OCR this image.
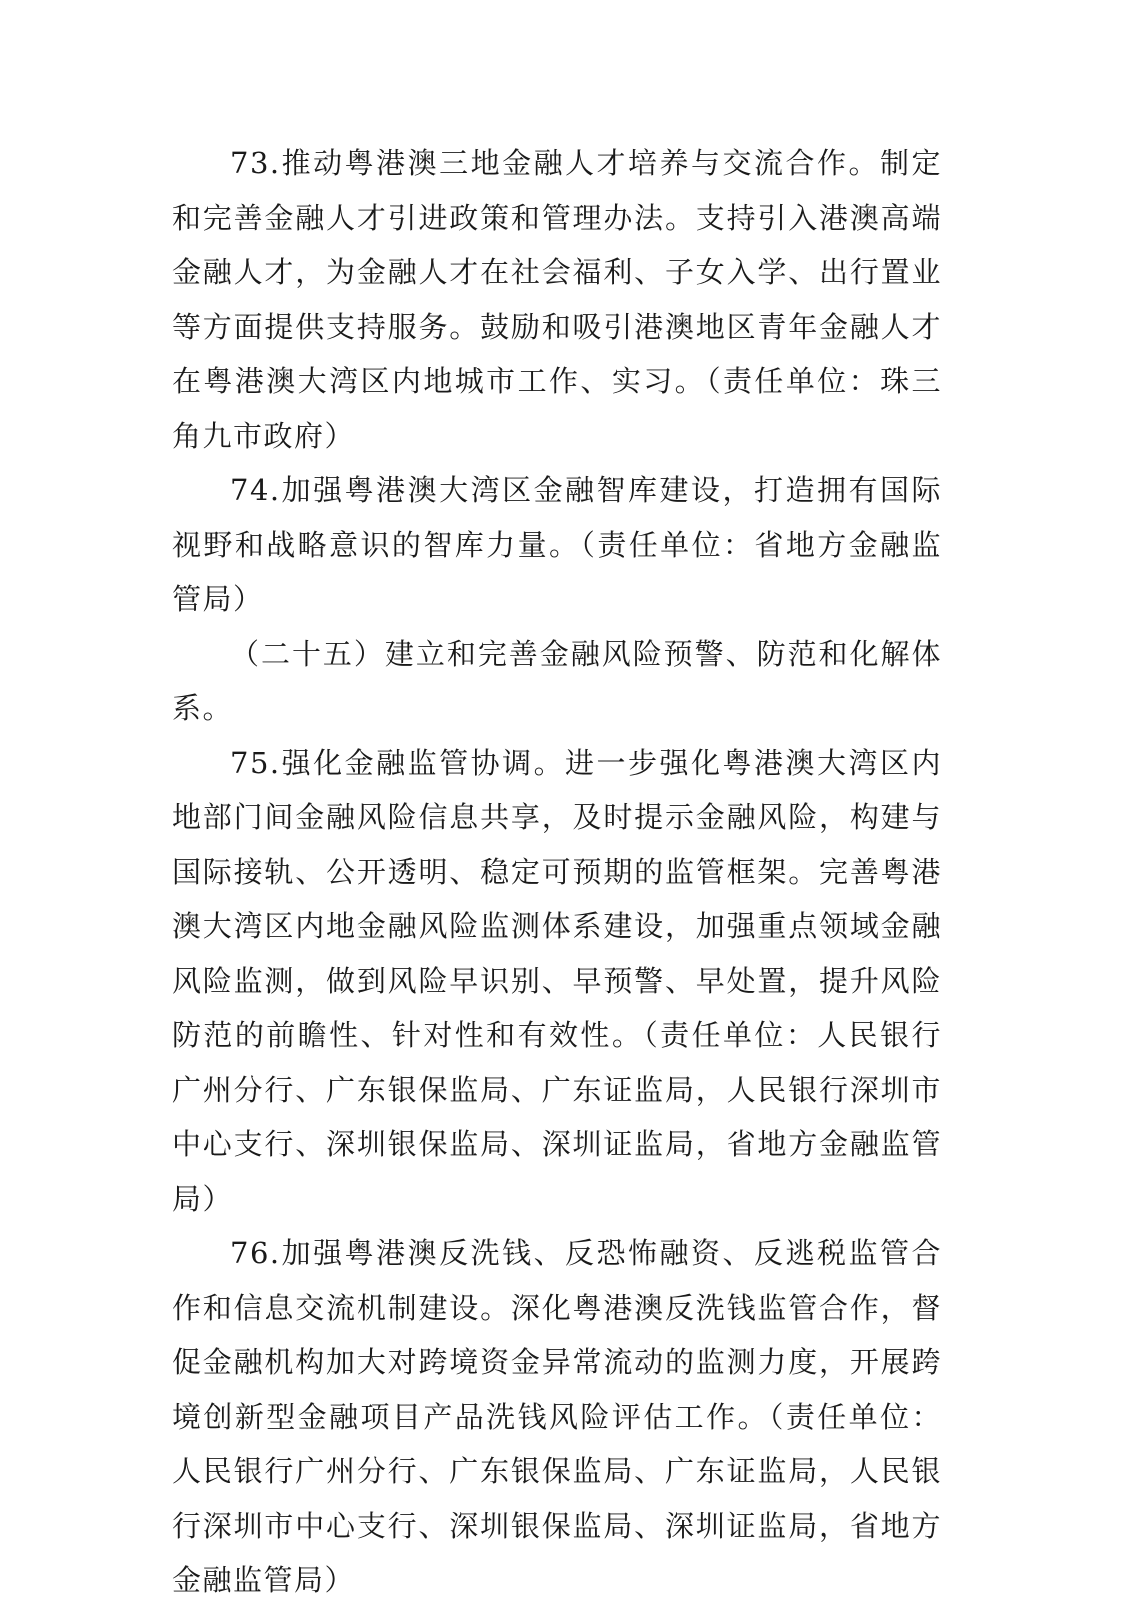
73.推动粤港澳三地金融人才培养与交流合作。制定和完善金融人才引进政策和管理办法。支持引入港澳高端金融人才，为金融人才在社会福利、子女入学、出行置业等方面提供支持服务。鼓励和吸引港澳地区青年金融人才在粤港澳大湾区内地城市工作、实习。（责任单位：珠三角九市政府）

74.加强粤港澳大湾区金融智库建设，打造拥有国际视野和战略意识的智库力量。（责任单位：省地方金融监管局）

（二十五）建立和完善金融风险预警、防范和化解体系。

75.强化金融监管协调。进一步强化粤港澳大湾区内地部门间金融风险信息共享，及时提示金融风险，构建与国际接轨、公开透明、稳定可预期的监管框架。完善粤港澳大湾区内地金融风险监测体系建设，加强重点领域金融风险监测，做到风险早识别、早预警、早处置，提升风险防范的前瞻性、针对性和有效性。（责任单位：人民银行广州分行、广东银保监局、广东证监局，人民银行深圳市中心支行、深圳银保监局、深圳证监局，省地方金融监管局）

76.加强粤港澳反洗钱、反恐怖融资、反逃税监管合作和信息交流机制建设。深化粤港澳反洗钱监管合作，督促金融机构加大对跨境资金异常流动的监测力度，开展跨境创新型金融项目产品洗钱风险评估工作。（责任单位：人民银行广州分行、广东银保监局、广东证监局，人民银行深圳市中心支行、深圳银保监局、深圳证监局，省地方金融监管局）
